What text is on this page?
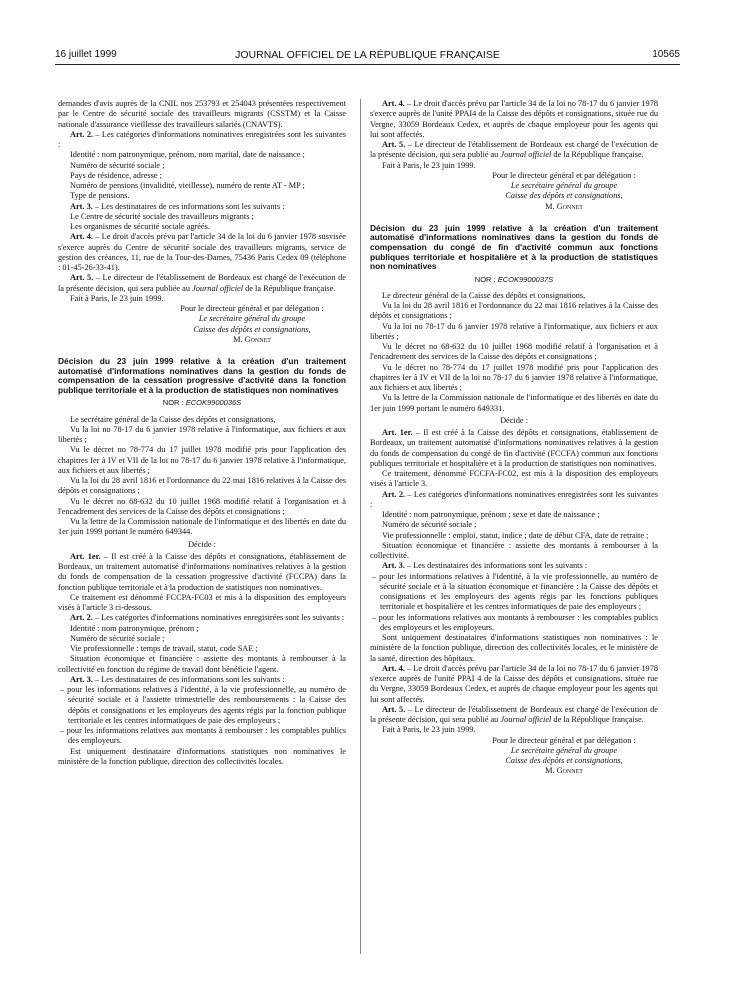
16 juillet 1999	JOURNAL OFFICIEL DE LA RÉPUBLIQUE FRANÇAISE	10565

demandes d'avis auprès de la CNIL nos 253793 et 254043 présentées respectivement par le Centre de sécurité sociale des travailleurs migrants (CSSTM) et la Caisse nationale d'assurance vieillesse des travailleurs salariés (CNAVTS).

Art. 2. – Les catégories d'informations nominatives enregistrées sont les suivantes :

Identité : nom patronymique, prénom, nom marital, date de naissance ;

Numéro de sécurité sociale ;

Pays de résidence, adresse ;

Numéro de pensions (invalidité, vieillesse), numéro de rente AT - MP ;

Type de pensions.

Art. 3. – Les destinataires de ces informations sont les suivants :

Le Centre de sécurité sociale des travailleurs migrants ;

Les organismes de sécurité sociale agréés.

Art. 4. – Le droit d'accès prévu par l'article 34 de la loi du 6 janvier 1978 susvisée s'exerce auprès du Centre de sécurité sociale des travailleurs migrants, service de gestion des créances, 11, rue de la Tour-des-Dames, 75436 Paris Cedex 09 (téléphone : 01-45-26-33-41).

Art. 5. – Le directeur de l'établissement de Bordeaux est chargé de l'exécution de la présente décision, qui sera publiée au Journal officiel de la République française.

Fait à Paris, le 23 juin 1999.

Pour le directeur général et par délégation :

Le secrétaire général du groupe

Caisse des dépôts et consignations,

M. Gonnet

Décision du 23 juin 1999 relative à la création d'un traitement automatisé d'informations nominatives dans la gestion du fonds de compensation de la cessation progressive d'activité dans la fonction publique territoriale et à la production de statistiques non nominatives

NOR : ECOK9900036S

Le secrétaire général de la Caisse des dépôts et consignations,

Vu la loi no 78-17 du 6 janvier 1978 relative à l'informatique, aux fichiers et aux libertés ;

Vu le décret no 78-774 du 17 juillet 1978 modifié pris pour l'application des chapitres Ier à IV et VII de la loi no 78-17 du 6 janvier 1978 relative à l'informatique, aux fichiers et aux libertés ;

Vu la loi du 28 avril 1816 et l'ordonnance du 22 mai 1816 relatives à la Caisse des dépôts et consignations ;

Vu le décret no 68-632 du 10 juillet 1968 modifié relatif à l'organisation et à l'encadrement des services de la Caisse des dépôts et consignations ;

Vu la lettre de la Commission nationale de l'informatique et des libertés en date du 1er juin 1999 portant le numéro 649344.

Décide :

Art. 1er. – Il est créé à la Caisse des dépôts et consignations, établissement de Bordeaux, un traitement automatisé d'informations nominatives relatives à la gestion du fonds de compensation de la cessation progressive d'activité (FCCPA) dans la fonction publique territoriale et à la production de statistiques non nominatives.

Ce traitement est dénommé FCCPA-FC03 et mis à la disposition des employeurs visés à l'article 3 ci-dessous.

Art. 2. – Les catégories d'informations nominatives enregistrées sont les suivants :

Identité : nom patronymique, prénom ;

Numéro de sécurité sociale ;

Vie professionnelle : temps de travail, statut, code SAE ;

Situation économique et financière : assiette des montants à rembourser à la collectivité en fonction du régime de travail dont bénéficie l'agent.

Art. 3. – Les destinataires de ces informations sont les suivants :

– pour les informations relatives à l'identité, à la vie professionnelle, au numéro de sécurité sociale et à l'assiette trimestrielle des remboursements : la Caisse des dépôts et consignations et les employeurs des agents régis par la fonction publique territoriale et les centres informatiques de paie des employeurs ;

– pour les informations relatives aux montants à rembourser : les comptables publics des employeurs.

Est uniquement destinataire d'informations statistiques non nominatives le ministère de la fonction publique, direction des collectivités locales.

Art. 4. – Le droit d'accès prévu par l'article 34 de la loi no 78-17 du 6 janvier 1978 s'exerce auprès de l'unité PPAI4 de la Caisse des dépôts et consignations, située rue du Vergne, 33059 Bordeaux Cedex, et auprès de chaque employeur pour les agents qui lui sont affectés.

Art. 5. – Le directeur de l'établissement de Bordeaux est chargé de l'exécution de la présente décision, qui sera publié au Journal officiel de la République française.

Fait à Paris, le 23 juin 1999.

Pour le directeur général et par délégation :

Le secrétaire général du groupe

Caisse des dépôts et consignations,

M. Gonnet

Décision du 23 juin 1999 relative à la création d'un traitement automatisé d'informations nominatives dans la gestion du fonds de compensation du congé de fin d'activité commun aux fonctions publiques territoriale et hospitalière et à la production de statistiques non nominatives

NOR : ECOK9900037S

Le directeur général de la Caisse des dépôts et consignations,

Vu la loi du 28 avril 1816 et l'ordonnance du 22 mai 1816 relatives à la Caisse des dépôts et consignations ;

Vu la loi no 78-17 du 6 janvier 1978 relative à l'informatique, aux fichiers et aux libertés ;

Vu le décret no 68-632 du 10 juillet 1968 modifié relatif à l'organisation et à l'encadrement des services de la Caisse des dépôts et consignations ;

Vu le décret no 78-774 du 17 juillet 1978 modifié pris pour l'application des chapitres Ier à IV et VII de la loi no 78-17 du 6 janvier 1978 relative à l'informatique, aux fichiers et aux libertés ;

Vu la lettre de la Commission nationale de l'informatique et des libertés en date du 1er juin 1999 portant le numéro 649331.

Décide :

Art. 1er. – Il est créé à la Caisse des dépôts et consignations, établissement de Bordeaux, un traitement automatisé d'informations nominatives relatives à la gestion du fonds de compensation du congé de fin d'activité (FCCFA) commun aux fonctions publiques territoriale et hospitalière et à la production de statistiques non nominatives.

Ce traitement, dénommé FCCFA-FC02, est mis à la disposition des employeurs visés à l'article 3.

Art. 2. – Les catégories d'informations nominatives enregistrées sont les suivantes :

Identité : nom patronymique, prénom ; sexe et date de naissance ;

Numéro de sécurité sociale ;

Vie professionnelle : emploi, statut, indice ; date de début CFA, date de retraite ;

Situation économique et financière : assiette des montants à rembourser à la collectivité.

Art. 3. – Les destinataires des informations sont les suivants :

– pour les informations relatives à l'identité, à la vie professionnelle, au numéro de sécurité sociale et à la situation économique et financière : la Caisse des dépôts et consignations et les employeurs des agents régis par les fonctions publiques territoriale et hospitalière et les centres informatiques de paie des employeurs ;

– pour les informations relatives aux montants à rembourser : les comptables publics des employeurs et les employeurs.

Sont uniquement destinataires d'informations statistiques non nominatives : le ministère de la fonction publique, direction des collectivités locales, et le ministère de la santé, direction des hôpitaux.

Art. 4. – Le droit d'accès prévu par l'article 34 de la loi no 78-17 du 6 janvier 1978 s'exerce auprès de l'unité PPAI 4 de la Caisse des dépôts et consignations, située rue du Vergne, 33059 Bordeaux Cedex, et auprès de chaque employeur pour les agents qui lui sont affectés.

Art. 5. – Le directeur de l'établissement de Bordeaux est chargé de l'exécution de la présente décision, qui sera publié au Journal officiel de la République française.

Fait à Paris, le 23 juin 1999.

Pour le directeur général et par délégation :

Le secrétaire général du groupe

Caisse des dépôts et consignations,

M. Gonnet
